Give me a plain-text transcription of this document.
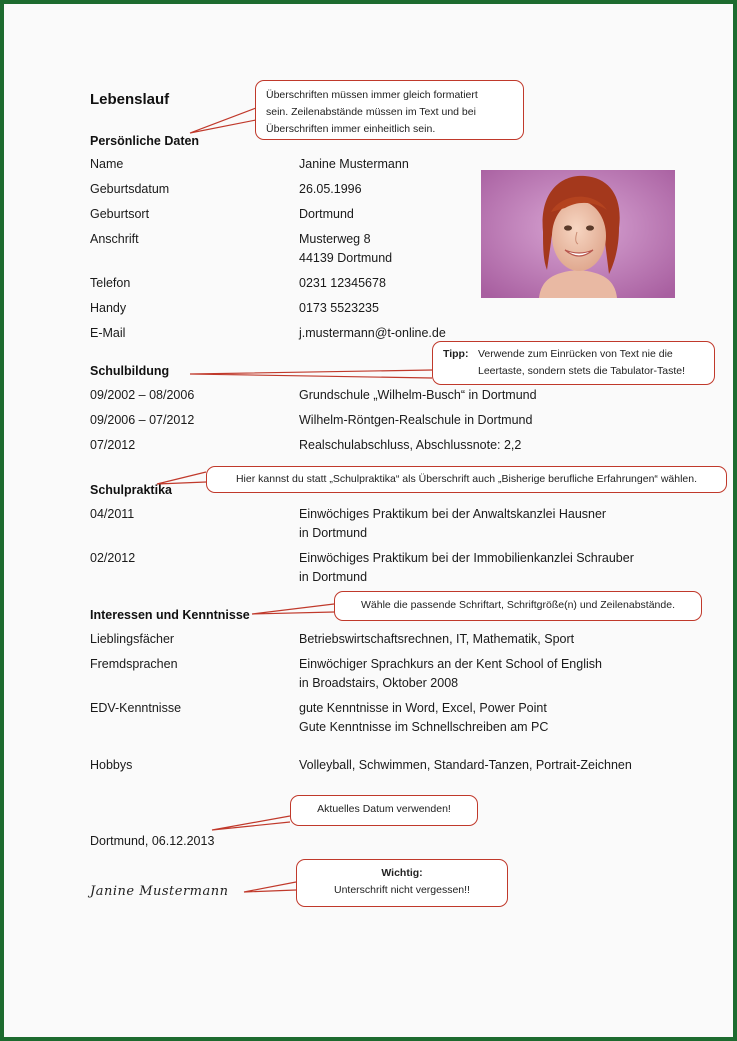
Lebenslauf	Überschriften müssen immer gleich formatiert
sein. Zeilenabstände müssen im Text und bei
Überschriften immer einheitlich sein.
Persönliche Daten
Name	Janine Mustermann
Geburtsdatum	26.05.1996
Geburtsort	Dortmund
Anschrift	Musterweg 8
44139 Dortmund
Telefon	0231 12345678
Handy	0173 5523235
E-Mail	j.mustermann@t-online.de
Tipp: Verwende zum Einrücken von Text nie die
Leertaste, sondern stets die Tabulator-Taste!
Schulbildung
09/2002 – 08/2006	Grundschule „Wilhelm-Busch“ in Dortmund
09/2006 – 07/2012	Wilhelm-Röntgen-Realschule in Dortmund
07/2012	Realschulabschluss, Abschlussnote: 2,2
Hier kannst du statt „Schulpraktika“ als Überschrift auch „Bisherige berufliche Erfahrungen“ wählen.
Schulpraktika
04/2011	Einwöchiges Praktikum bei der Anwaltskanzlei Hausner
in Dortmund
02/2012	Einwöchiges Praktikum bei der Immobilienkanzlei Schrauber
in Dortmund
Wähle die passende Schriftart, Schriftgröße(n) und Zeilenabstände.
Interessen und Kenntnisse
Lieblingsfächer	Betriebswirtschaftsrechnen, IT, Mathematik, Sport
Fremdsprachen	Einwöchiger Sprachkurs an der Kent School of English
in Broadstairs, Oktober 2008
EDV-Kenntnisse	gute Kenntnisse in Word, Excel, Power Point
Gute Kenntnisse im Schnellschreiben am PC
Hobbys	Volleyball, Schwimmen, Standard-Tanzen, Portrait-Zeichnen
Aktuelles Datum verwenden!
Dortmund, 06.12.2013
Wichtig:
Unterschrift nicht vergessen!!
Janine Mustermann
